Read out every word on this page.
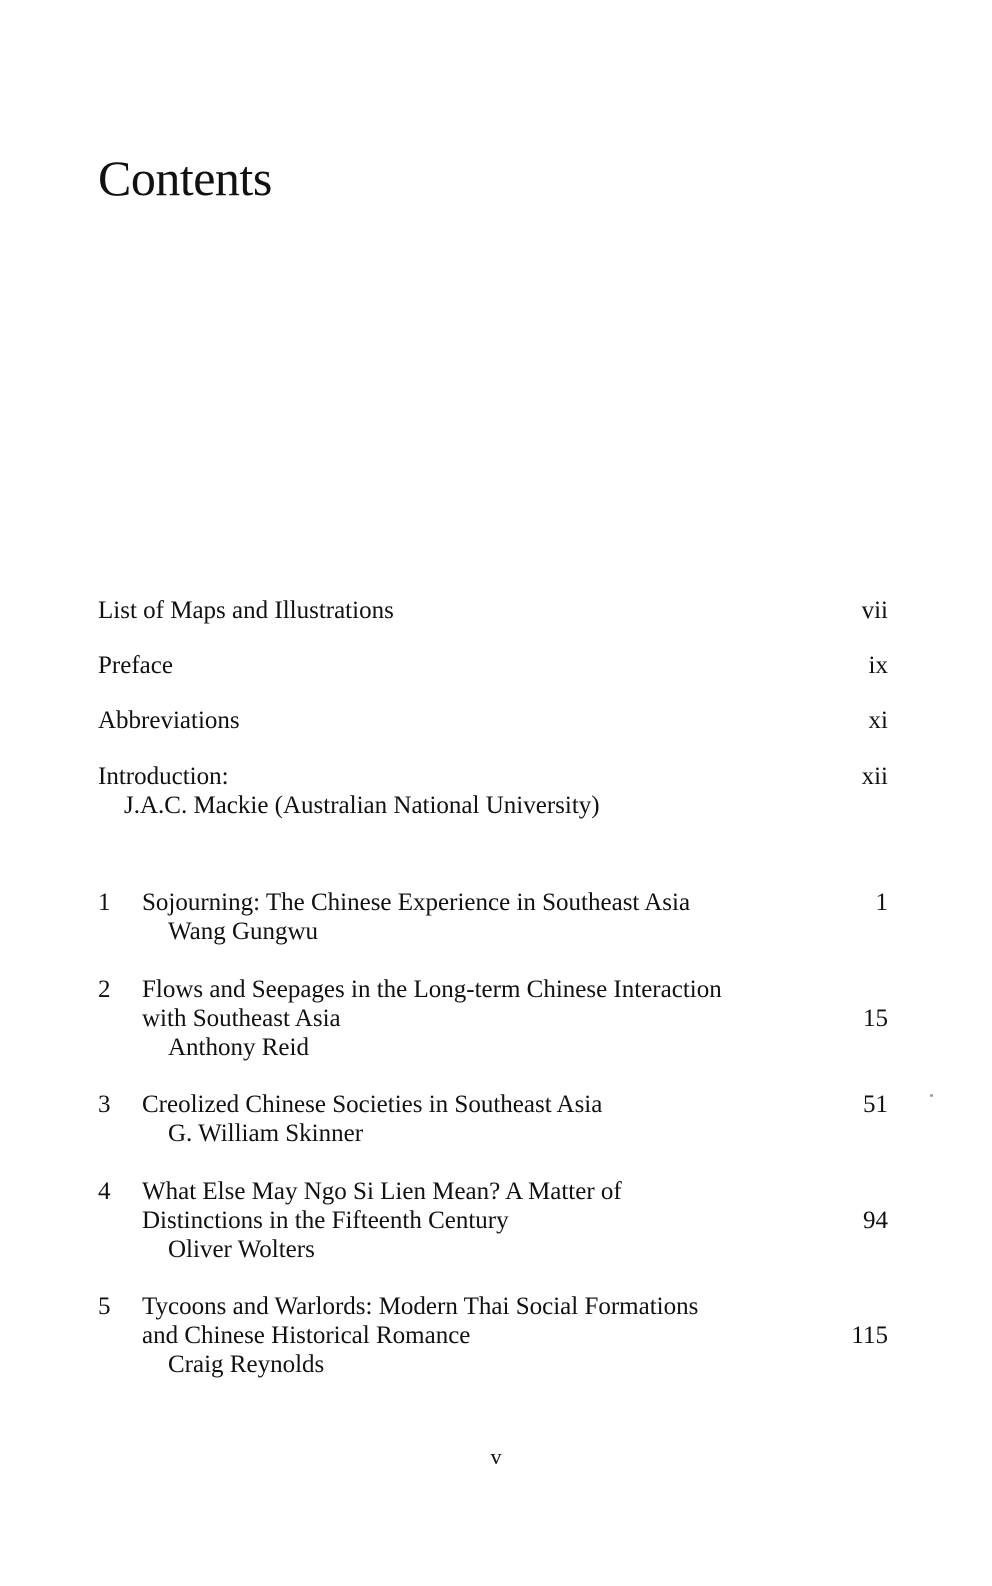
Contents
List of Maps and Illustrations	vii
Preface	ix
Abbreviations	xi
Introduction:	xii
J.A.C. Mackie (Australian National University)
1 Sojourning: The Chinese Experience in Southeast Asia	1
Wang Gungwu
2 Flows and Seepages in the Long-term Chinese Interaction
with Southeast Asia	15
Anthony Reid
3 Creolized Chinese Societies in Southeast Asia	51
G. William Skinner
4 What Else May Ngo Si Lien Mean? A Matter of
Distinctions in the Fifteenth Century	94
Oliver Wolters
5 Tycoons and Warlords: Modern Thai Social Formations
and Chinese Historical Romance	115
Craig Reynolds
v
